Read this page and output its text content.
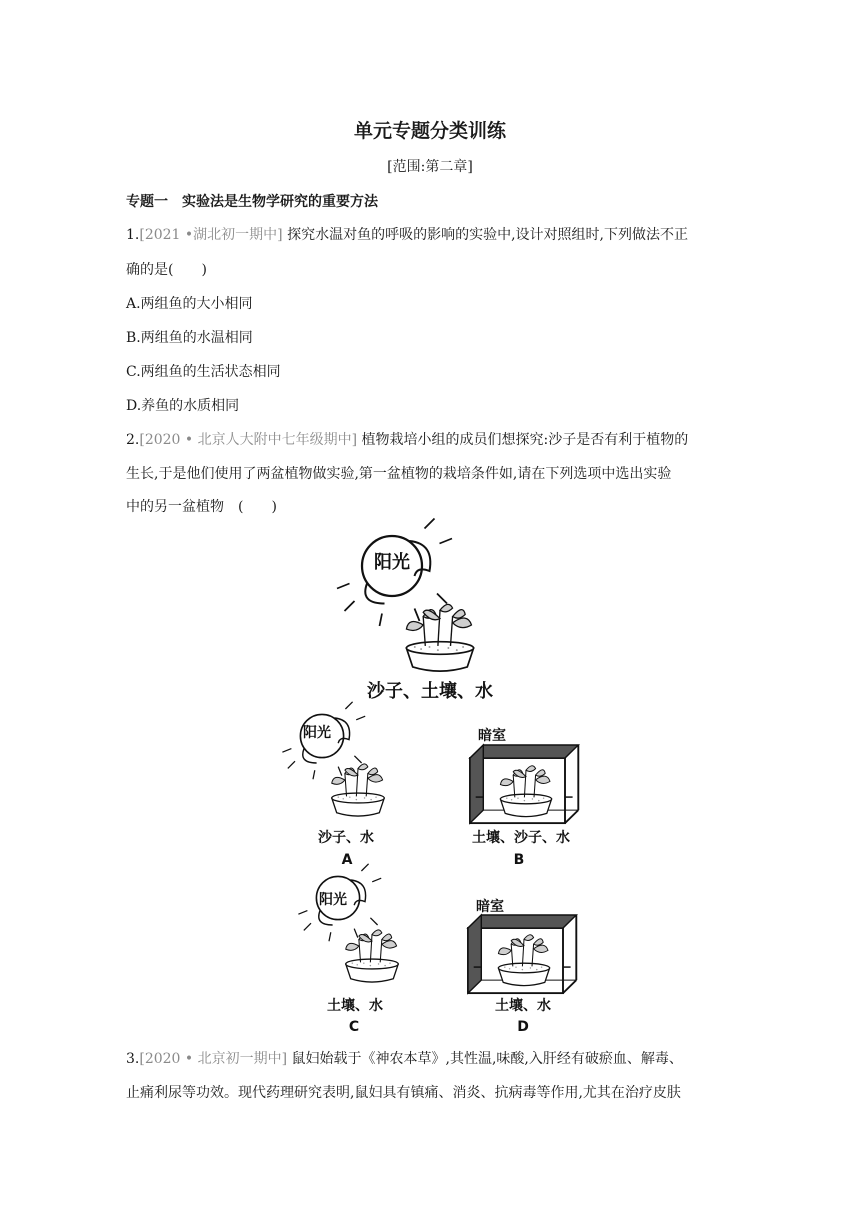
单元专题分类训练
[范围:第二章]
专题一　实验法是生物学研究的重要方法
1.[2021 •湖北初一期中] 探究水温对鱼的呼吸的影响的实验中,设计对照组时,下列做法不正
确的是(　　)
A.两组鱼的大小相同
B.两组鱼的水温相同
C.两组鱼的生活状态相同
D.养鱼的水质相同
2.[2020 • 北京人大附中七年级期中] 植物栽培小组的成员们想探究:沙子是否有利于植物的
生长,于是他们使用了两盆植物做实验,第一盆植物的栽培条件如,请在下列选项中选出实验
中的另一盆植物　(　　)
阳光
沙子、土壤、水
阳光
沙子、水
A
暗室
土壤、沙子、水
B
阳光
土壤、水
C
暗室
土壤、水
D
3.[2020 • 北京初一期中] 鼠妇始载于《神农本草》,其性温,味酸,入肝经有破瘀血、解毒、
止痛利尿等功效。现代药理研究表明,鼠妇具有镇痛、消炎、抗病毒等作用,尤其在治疗皮肤
